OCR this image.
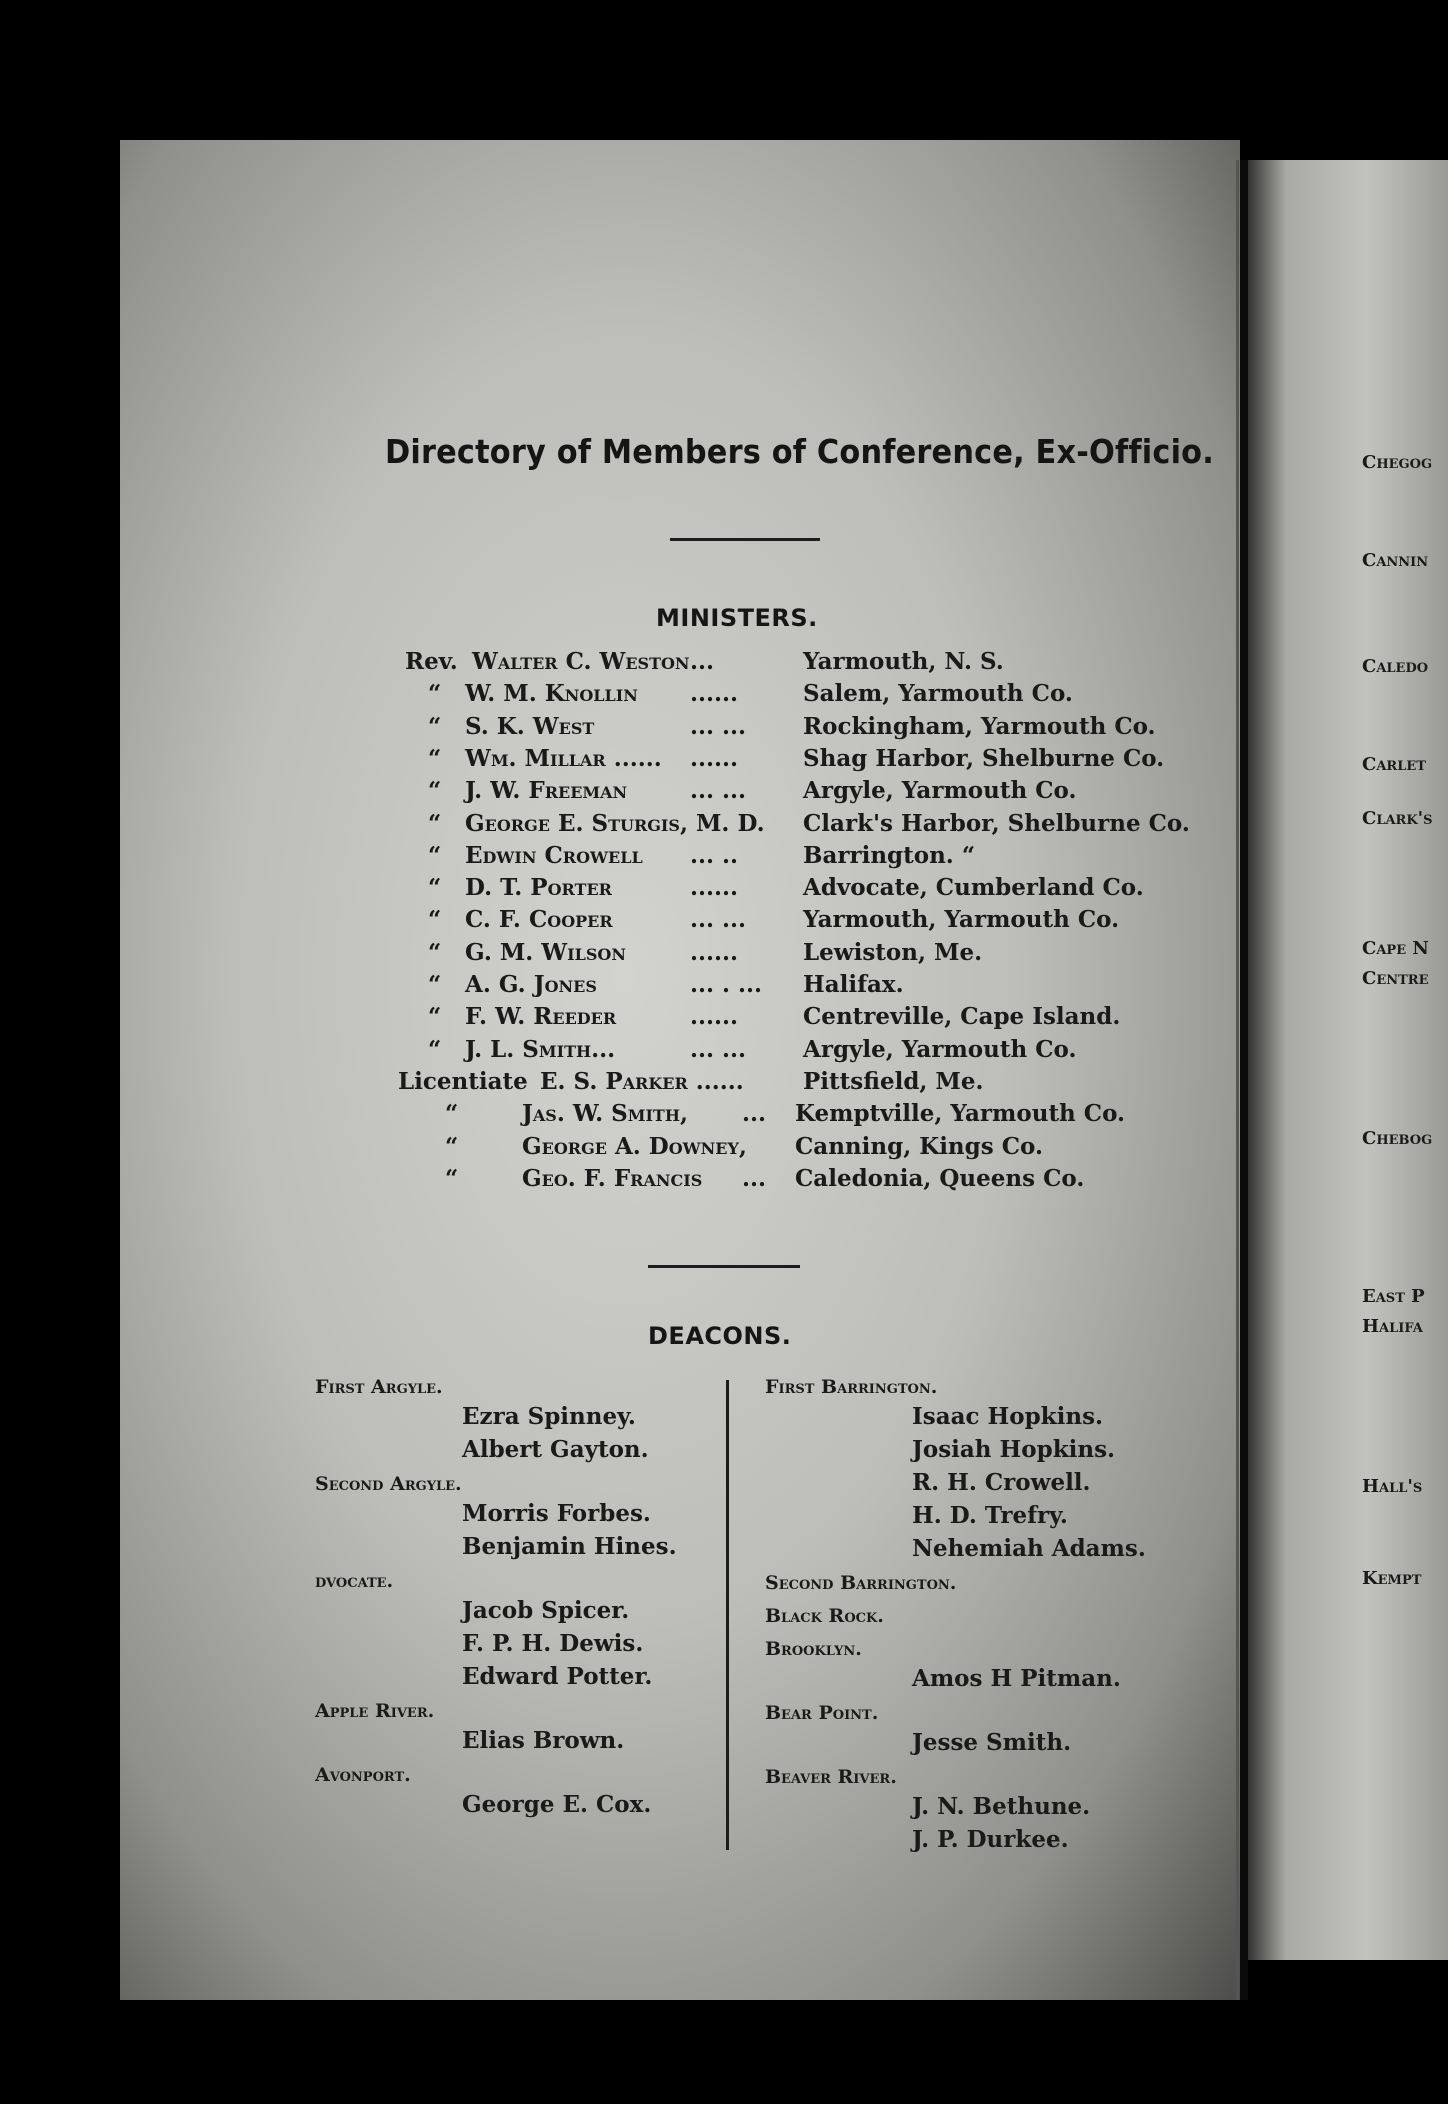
Directory of Members of Conference, Ex-Officio.
MINISTERS.
Rev. Walter C. Weston ...	Yarmouth, N. S.
“ W. M. Knollin ......	Salem, Yarmouth Co.
“ S. K. West	... ... Rockingham, Yarmouth Co.
“ Wm. Millar ...... ......	Shag Harbor, Shelburne Co.
“ J. W. Freeman	... ... Argyle, Yarmouth Co.
“ George E. Sturgis, M. D. Clark's Harbor, Shelburne Co.
“ Edwin Crowell ... ..	Barrington. “
“ D. T. Porter	......	Advocate, Cumberland Co.
“ C. F. Cooper	... ... Yarmouth, Yarmouth Co.
“ G. M. Wilson	......	Lewiston, Me.
“ A. G. Jones	... . ... Halifax.
“ F. W. Reeder	......	Centreville, Cape Island.
“ J. L. Smith...	... ... Argyle, Yarmouth Co.
Licentiate E. S. Parker ......	Pittsfield, Me.
“	Jas. W. Smith, ... Kemptville, Yarmouth Co.
“	George A. Downey, Canning, Kings Co.
“	Geo. F. Francis ... Caledonia, Queens Co.
DEACONS.
First Argyle.
Ezra Spinney.
Albert Gayton.
Second Argyle.
Morris Forbes.
Benjamin Hines.
dvocate.
Jacob Spicer.
F. P. H. Dewis.
Edward Potter.
Apple River.
Elias Brown.
Avonport.
George E. Cox.
First Barrington.
Isaac Hopkins.
Josiah Hopkins.
R. H. Crowell.
H. D. Trefry.
Nehemiah Adams.
Second Barrington.
Black Rock.
Brooklyn.
Amos H Pitman.
Bear Point.
Jesse Smith.
Beaver River.
J. N. Bethune.
J. P. Durkee.
Chegog
Cannin
Caledo
Carlet
Clark's
Cape N
Centre
Chebog
East P
Halifa
Hall's
Kempt
